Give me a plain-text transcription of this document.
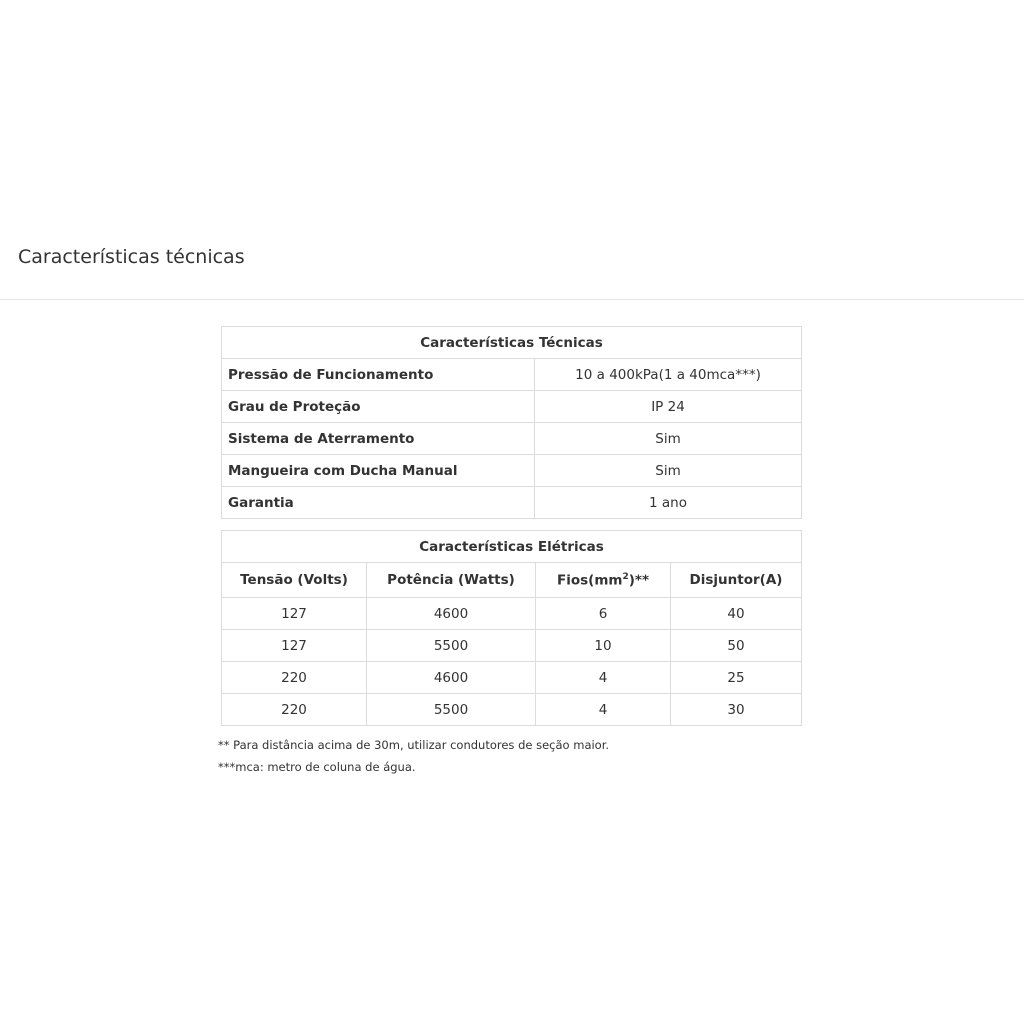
Características técnicas
Características Técnicas	
Pressão de Funcionamento	10 a 400kPa(1 a 40mca***)
Grau de Proteção	IP 24
Sistema de Aterramento	Sim
Mangueira com Ducha Manual	Sim
Garantia	1 ano
Características Elétricas			
Tensão (Volts)	Potência (Watts)	$Fios(mm^2)**$	Disjuntor(A)
127	4600	6	40
127	5500	10	50
220	4600	4	25
220	5500	4	30
** Para distância acima de 30m, utilizar condutores de seção maior.
***mca: metro de coluna de água.
